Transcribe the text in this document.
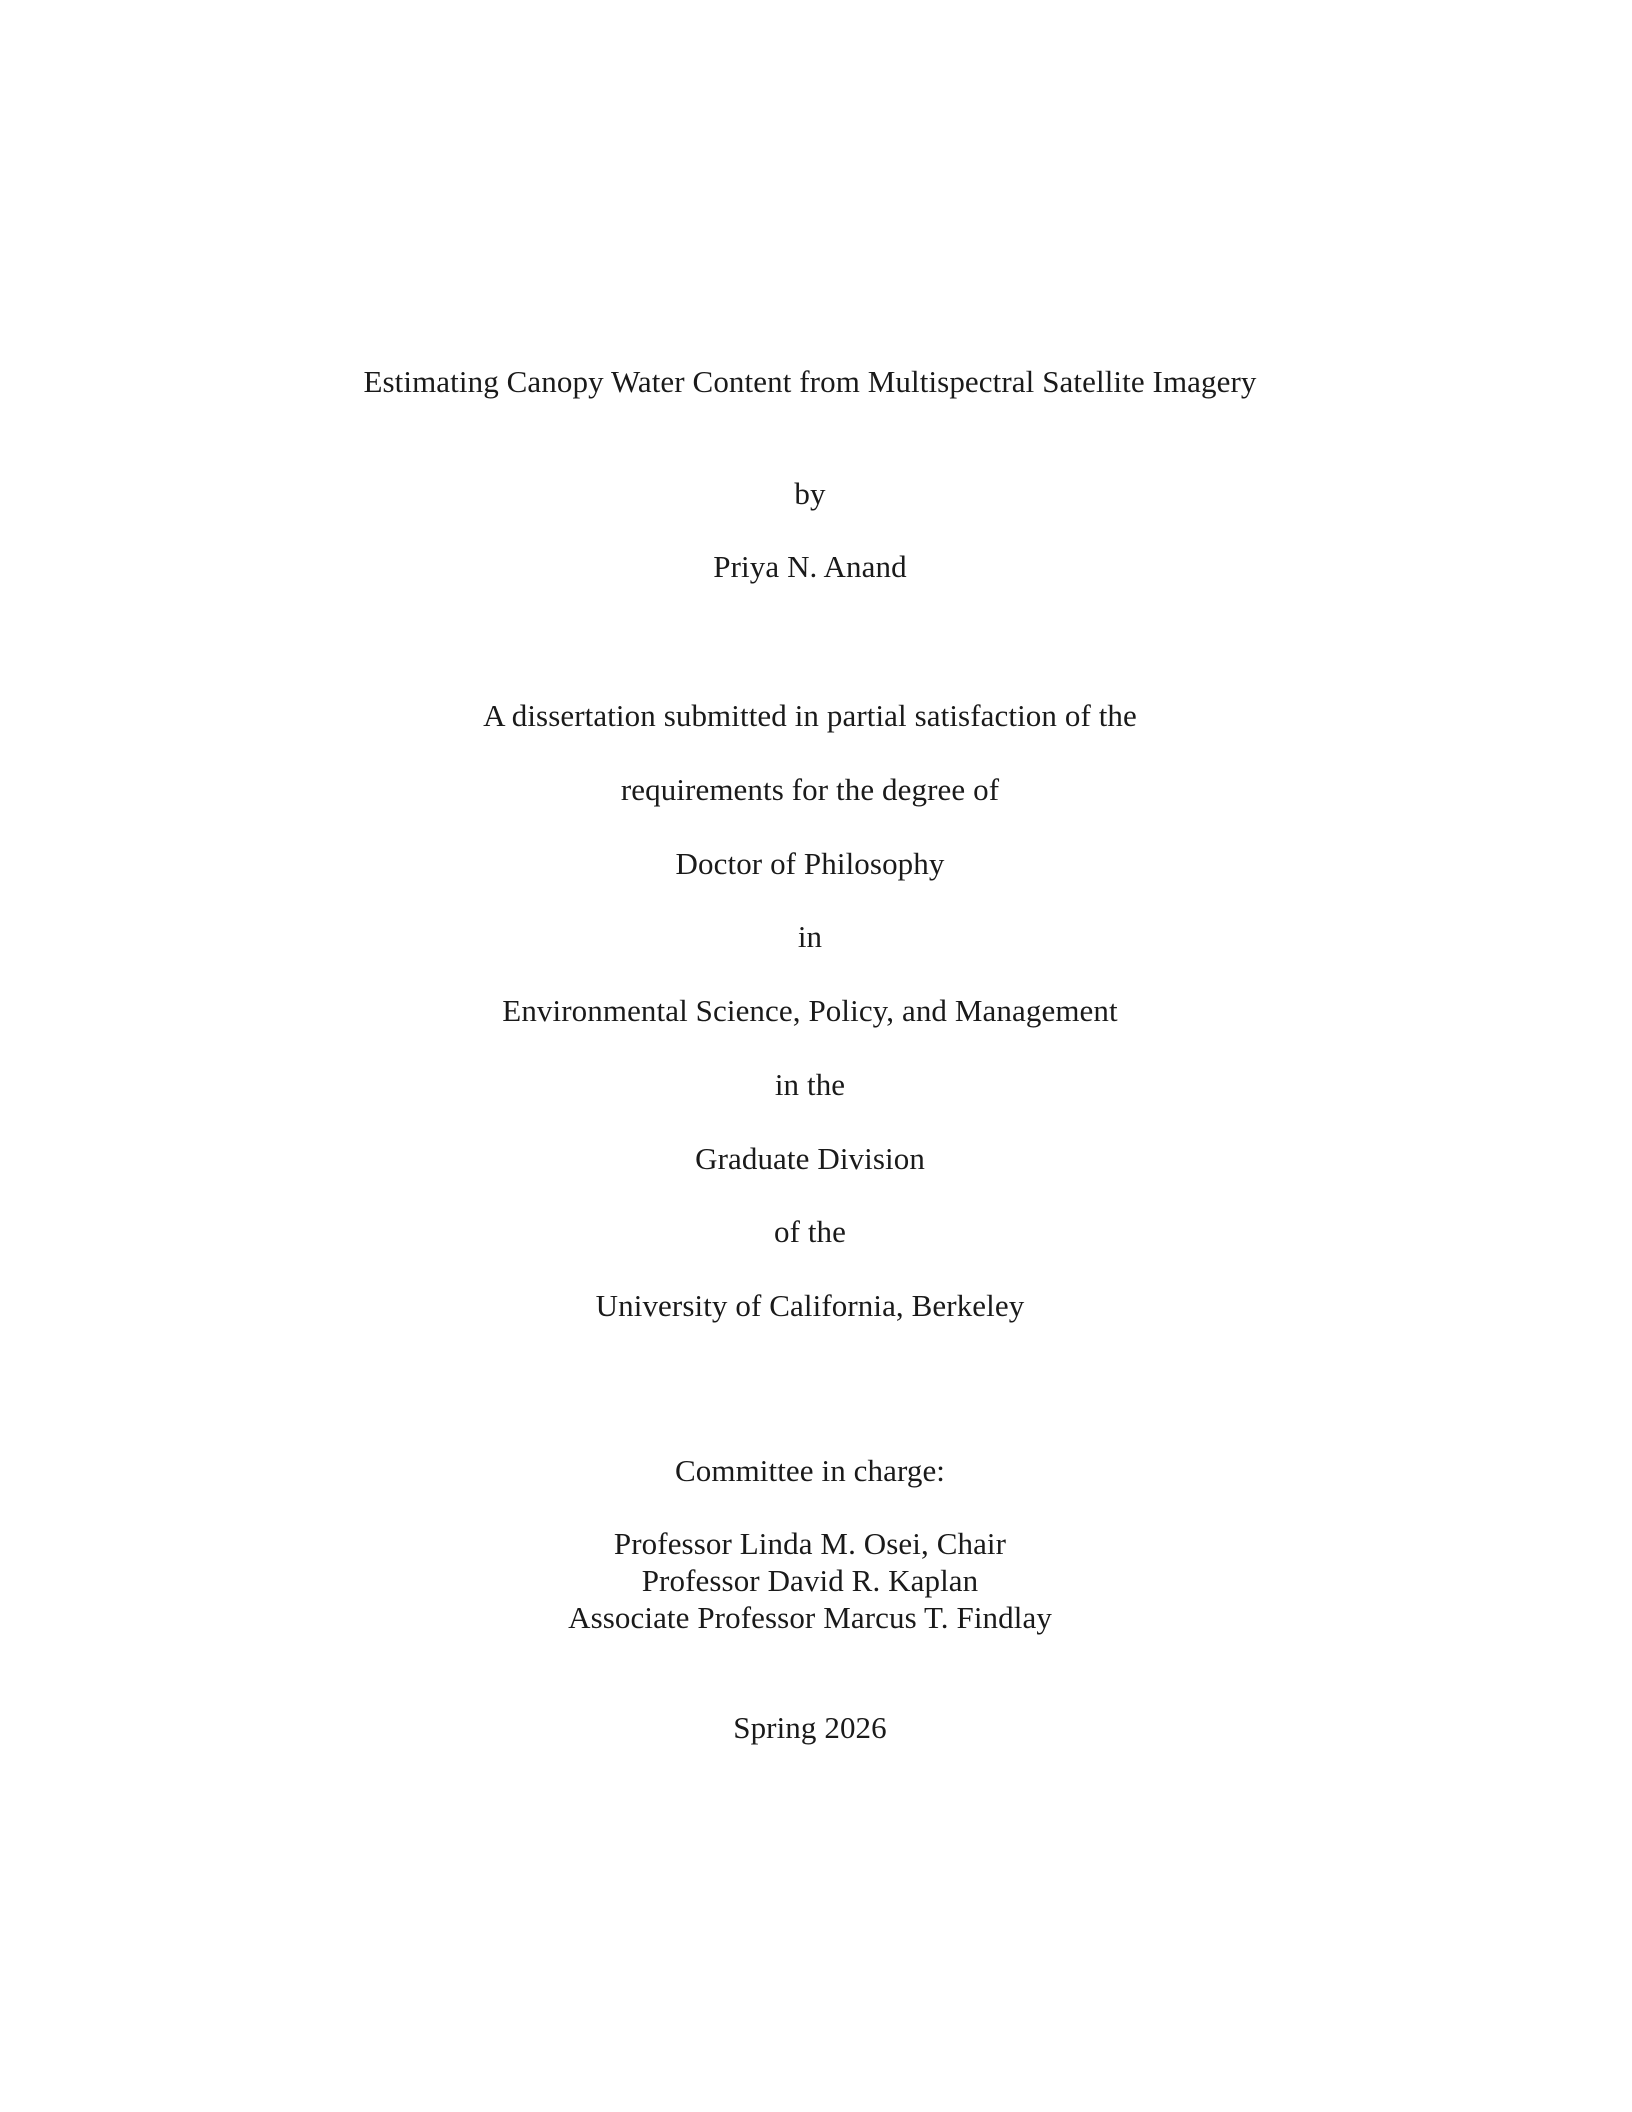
Estimating Canopy Water Content from Multispectral Satellite Imagery
by
Priya N. Anand
A dissertation submitted in partial satisfaction of the
requirements for the degree of
Doctor of Philosophy
in
Environmental Science, Policy, and Management
in the
Graduate Division
of the
University of California, Berkeley
Committee in charge:
Professor Linda M. Osei, Chair
Professor David R. Kaplan
Associate Professor Marcus T. Findlay
Spring 2026
